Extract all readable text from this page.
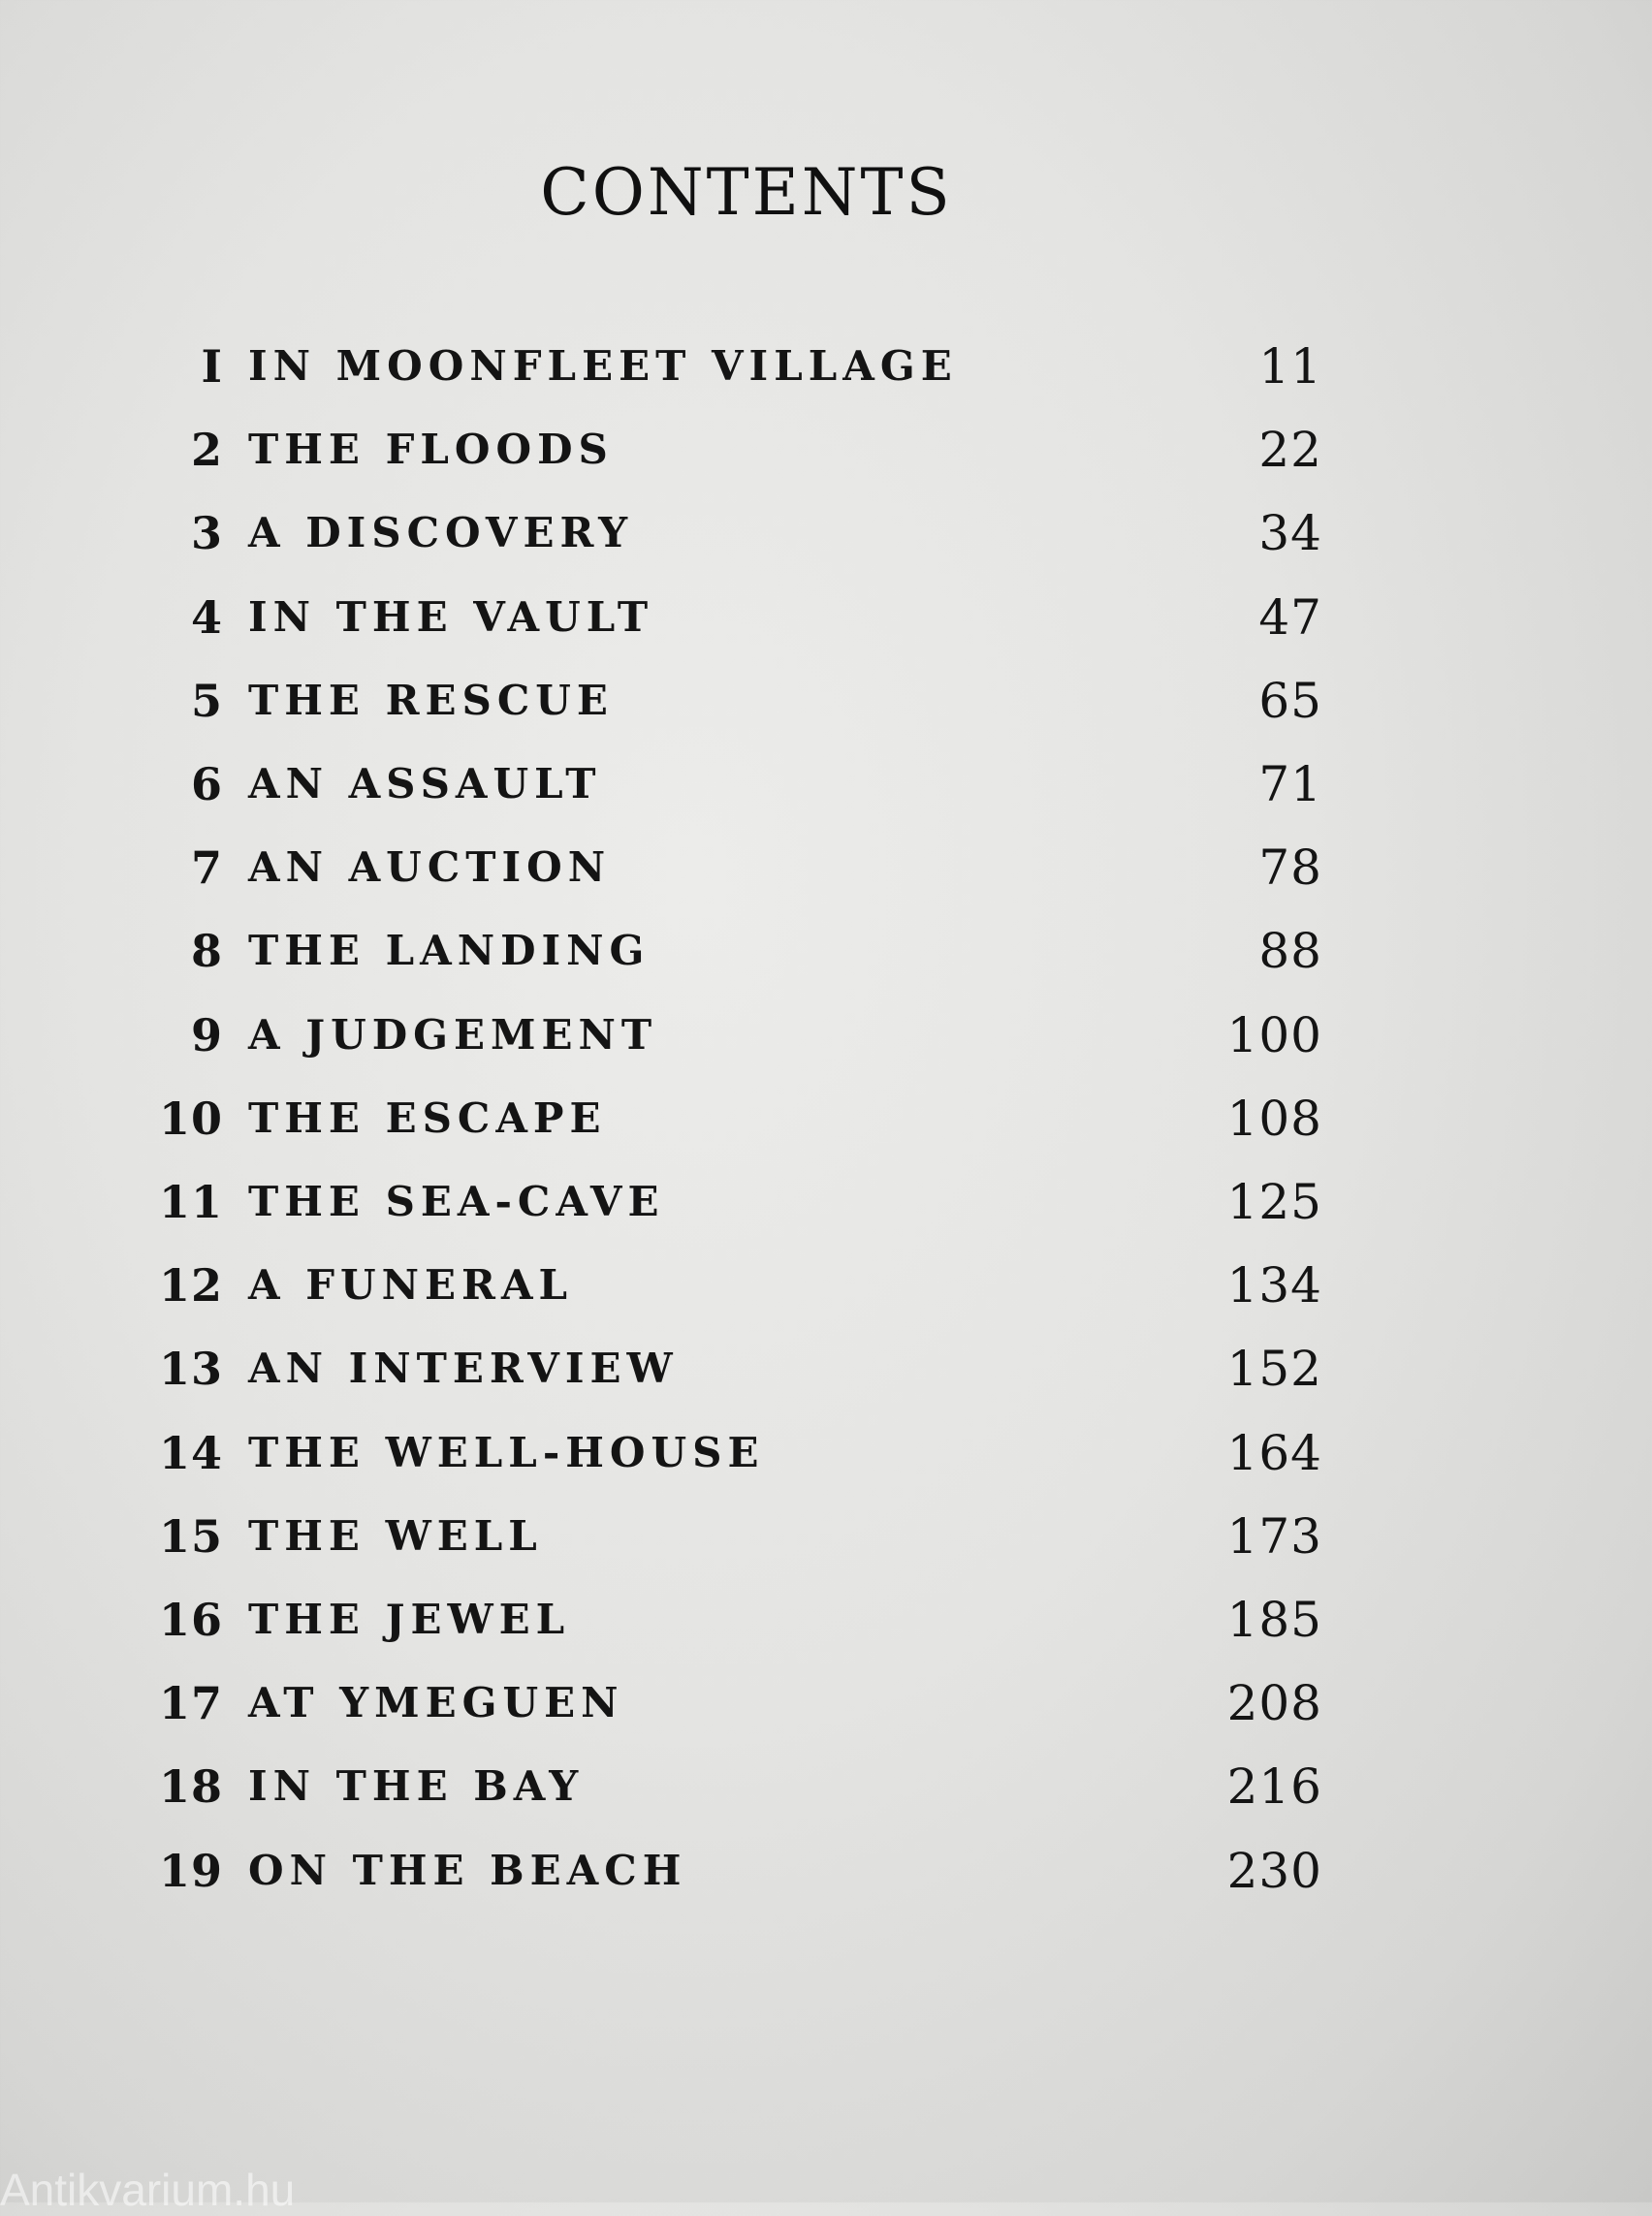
CONTENTS
I IN MOONFLEET VILLAGE	11
2 THE FLOODS	22
3 A DISCOVERY	34
4 IN THE VAULT	47
5 THE RESCUE	65
6 AN ASSAULT	71
7 AN AUCTION	78
8 THE LANDING	88
9 A JUDGEMENT	100
10 THE ESCAPE	108
11 THE SEA-CAVE	125
12 A FUNERAL	134
13 AN INTERVIEW	152
14 THE WELL-HOUSE	164
15 THE WELL	173
16 THE JEWEL	185
17 AT YMEGUEN	208
18 IN THE BAY	216
19 ON THE BEACH	230
Antikvarium.hu
